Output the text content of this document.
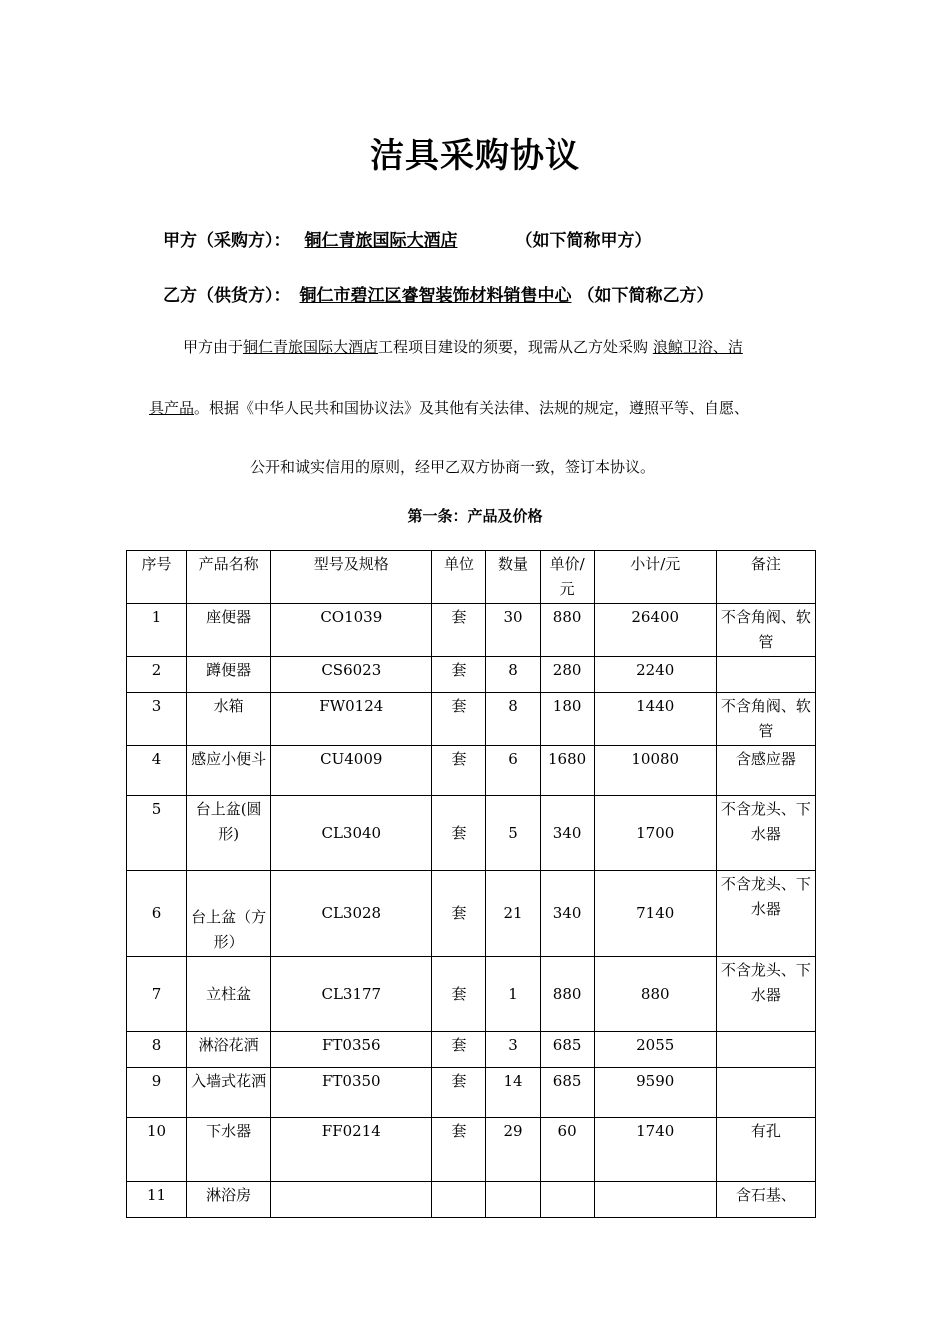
洁具采购协议
甲方（采购方）： 铜仁青旅国际大酒店	（如下简称甲方）
乙方（供货方）： 铜仁市碧江区睿智装饰材料销售中心 （如下简称乙方）
甲方由于铜仁青旅国际大酒店工程项目建设的须要，现需从乙方处采购 浪鲸卫浴、洁
具产品。根据《中华人民共和国协议法》及其他有关法律、法规的规定，遵照平等、自愿、
公开和诚实信用的原则，经甲乙双方协商一致，签订本协议。
第一条：产品及价格
序号	产品名称	型号及规格	单位	数量	单价/元	小计/元	备注
1	座便器	CO1039	套	30	880	26400	不含角阀、软管
2	蹲便器	CS6023	套	8	280	2240	
3	水箱	FW0124	套	8	180	1440	不含角阀、软管
4	感应小便斗	CU4009	套	6	1680	10080	含感应器
5	台上盆(圆形)	CL3040	套	5	340	1700	不含龙头、下水器
6	台上盆（方形）	CL3028	套	21	340	7140	不含龙头、下水器
7	立柱盆	CL3177	套	1	880	880	不含龙头、下水器
8	淋浴花洒	FT0356	套	3	685	2055	
9	入墙式花洒	FT0350	套	14	685	9590	
10	下水器	FF0214	套	29	60	1740	有孔
11	淋浴房						含石基、
